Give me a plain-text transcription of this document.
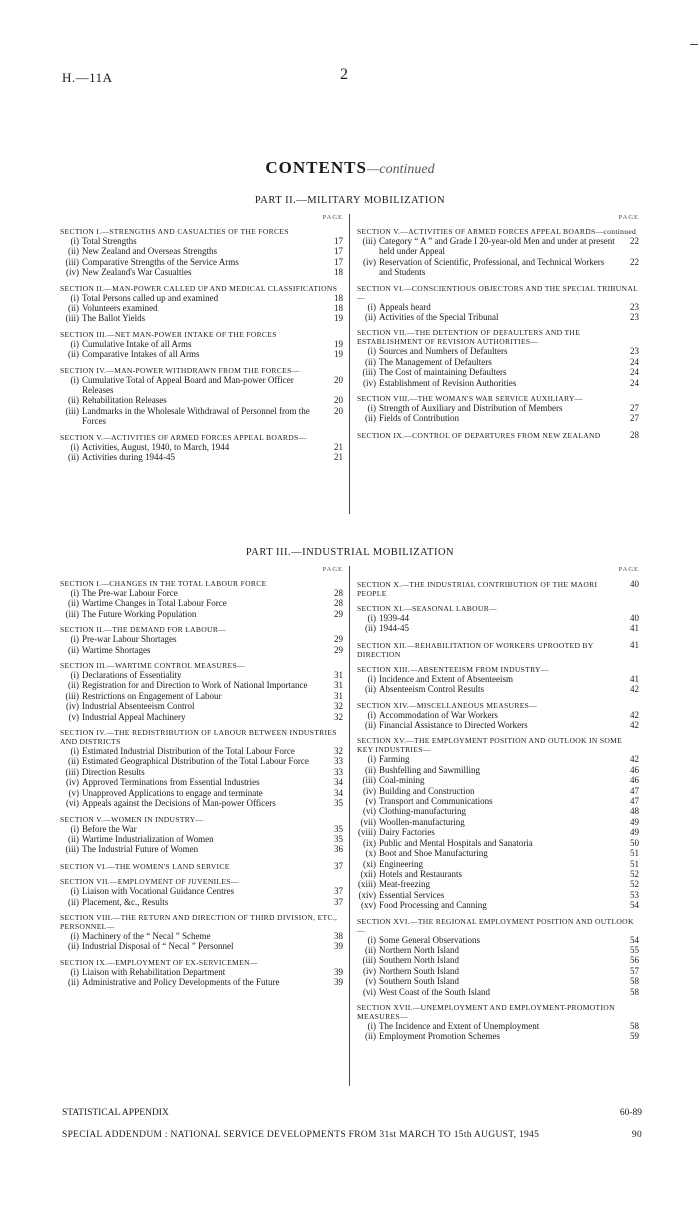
H.—11A	2
CONTENTS—continued
PART II.—MILITARY MOBILIZATION
PAGE
SECTION I.—STRENGTHS AND CASUALTIES OF THE FORCES
(i) Total Strengths	17
(ii) New Zealand and Overseas Strengths	17
(iii) Comparative Strengths of the Service Arms	17
(iv) New Zealand's War Casualties	18
SECTION II.—MAN-POWER CALLED UP AND MEDICAL CLASSIFICATIONS
(i) Total Persons called up and examined	18
(ii) Volunteers examined	18
(iii) The Ballot Yields	19
SECTION III.—NET MAN-POWER INTAKE OF THE FORCES
(i) Cumulative Intake of all Arms	19
(ii) Comparative Intakes of all Arms	19
SECTION IV.—MAN-POWER WITHDRAWN FROM THE FORCES—
(i) Cumulative Total of Appeal Board and Man-power Officer Releases
20
(ii) Rehabilitation Releases	20
(iii) Landmarks in the Wholesale Withdrawal of Personnel from the Forces
20
SECTION V.—ACTIVITIES OF ARMED FORCES APPEAL BOARDS—
(i) Activities, August, 1940, to March, 1944	21
(ii) Activities during 1944-45	21
PAGE
SECTION V.—ACTIVITIES OF ARMED FORCES APPEAL BOARDS—continued
(iii) Category “ A ” and Grade I 20-year-old Men and under at present held under Appeal
22
(iv) Reservation of Scientific, Professional, and Technical Workers and Students
22
SECTION VI.—CONSCIENTIOUS OBJECTORS AND THE SPECIAL TRIBUNAL—
(i) Appeals heard	23
(ii) Activities of the Special Tribunal	23
SECTION VII.—THE DETENTION OF DEFAULTERS AND THE ESTABLISHMENT OF REVISION AUTHORITIES—
(i) Sources and Numbers of Defaulters	23
(ii) The Management of Defaulters	24
(iii) The Cost of maintaining Defaulters	24
(iv) Establishment of Revision Authorities	24
SECTION VIII.—THE WOMAN'S WAR SERVICE AUXILIARY—
(i) Strength of Auxiliary and Distribution of Members	27
(ii) Fields of Contribution	27
SECTION IX.—CONTROL OF DEPARTURES FROM NEW ZEALAND	28
PART III.—INDUSTRIAL MOBILIZATION
PAGE
SECTION I.—CHANGES IN THE TOTAL LABOUR FORCE
(i) The Pre-war Labour Force	28
(ii) Wartime Changes in Total Labour Force	28
(iii) The Future Working Population	29
SECTION II.—THE DEMAND FOR LABOUR—
(i) Pre-war Labour Shortages	29
(ii) Wartime Shortages	29
SECTION III.—WARTIME CONTROL MEASURES—
(i) Declarations of Essentiality	31
(ii) Registration for and Direction to Work of National Importance	31
(iii) Restrictions on Engagement of Labour	31
(iv) Industrial Absenteeism Control	32
(v) Industrial Appeal Machinery	32
SECTION IV.—THE REDISTRIBUTION OF LABOUR BETWEEN INDUSTRIES AND DISTRICTS
(i) Estimated Industrial Distribution of the Total Labour Force	32
(ii) Estimated Geographical Distribution of the Total Labour Force	33
(iii) Direction Results	33
(iv) Approved Terminations from Essential Industries	34
(v) Unapproved Applications to engage and terminate	34
(vi) Appeals against the Decisions of Man-power Officers	35
SECTION V.—WOMEN IN INDUSTRY—
(i) Before the War	35
(ii) Wartime Industrialization of Women	35
(iii) The Industrial Future of Women	36
SECTION VI.—THE WOMEN'S LAND SERVICE	37
SECTION VII.—EMPLOYMENT OF JUVENILES—
(i) Liaison with Vocational Guidance Centres	37
(ii) Placement, &c., Results	37
SECTION VIII.—THE RETURN AND DIRECTION OF THIRD DIVISION, ETC., PERSONNEL—
(i) Machinery of the “ Necal ” Scheme	38
(ii) Industrial Disposal of “ Necal ” Personnel	39
SECTION IX.—EMPLOYMENT OF EX-SERVICEMEN—
(i) Liaison with Rehabilitation Department	39
(ii) Administrative and Policy Developments of the Future	39
PAGE
SECTION X.—THE INDUSTRIAL CONTRIBUTION OF THE MAORI PEOPLE
40
SECTION XI.—SEASONAL LABOUR—
(i) 1939-44	40
(ii) 1944-45	41
SECTION XII.—REHABILITATION OF WORKERS UPROOTED BY DIRECTION
41
SECTION XIII.—ABSENTEEISM FROM INDUSTRY—
(i) Incidence and Extent of Absenteeism	41
(ii) Absenteeism Control Results	42
SECTION XIV.—MISCELLANEOUS MEASURES—
(i) Accommodation of War Workers	42
(ii) Financial Assistance to Directed Workers	42
SECTION XV.—THE EMPLOYMENT POSITION AND OUTLOOK IN SOME KEY INDUSTRIES—
(i) Farming	42
(ii) Bushfelling and Sawmilling	46
(iii) Coal-mining	46
(iv) Building and Construction	47
(v) Transport and Communications	47
(vi) Clothing-manufacturing	48
(vii) Woollen-manufacturing	49
(viii) Dairy Factories	49
(ix) Public and Mental Hospitals and Sanatoria	50
(x) Boot and Shoe Manufacturing	51
(xi) Engineering	51
(xii) Hotels and Restaurants	52
(xiii) Meat-freezing	52
(xiv) Essential Services	53
(xv) Food Processing and Canning	54
SECTION XVI.—THE REGIONAL EMPLOYMENT POSITION AND OUTLOOK—
(i) Some General Observations	54
(ii) Northern North Island	55
(iii) Southern North Island	56
(iv) Northern South Island	57
(v) Southern South Island	58
(vi) West Coast of the South Island	58
SECTION XVII.—UNEMPLOYMENT AND EMPLOYMENT-PROMOTION MEASURES—
(i) The Incidence and Extent of Unemployment	58
(ii) Employment Promotion Schemes	59
STATISTICAL APPENDIX	60-89
SPECIAL ADDENDUM : NATIONAL SERVICE DEVELOPMENTS FROM 31st MARCH TO 15th AUGUST, 1945	90
